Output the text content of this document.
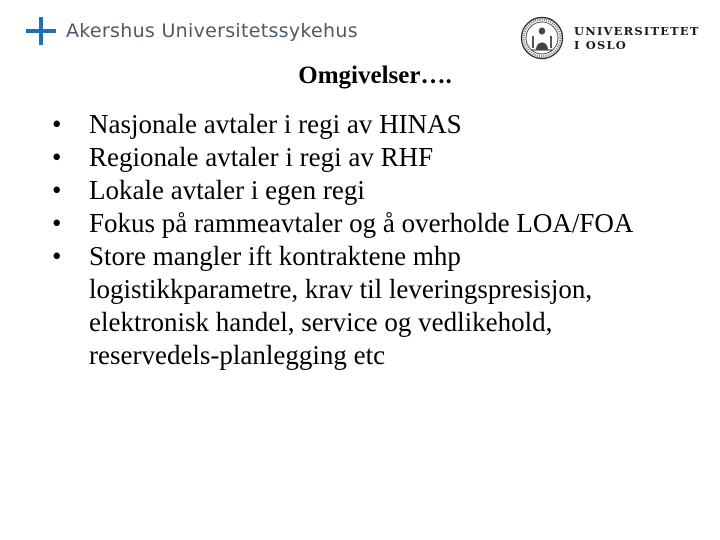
Akershus Universitetssykehus	UNIVERSITETET
I OSLO
Omgivelser….
•	Nasjonale avtaler i regi av HINAS
•	Regionale avtaler i regi av RHF
•	Lokale avtaler i egen regi
•	Fokus på rammeavtaler og å overholde LOA/FOA
•	Store mangler ift kontraktene mhp logistikkparametre, krav til leveringspresisjon, elektronisk handel, service og vedlikehold, reservedels-planlegging etc
